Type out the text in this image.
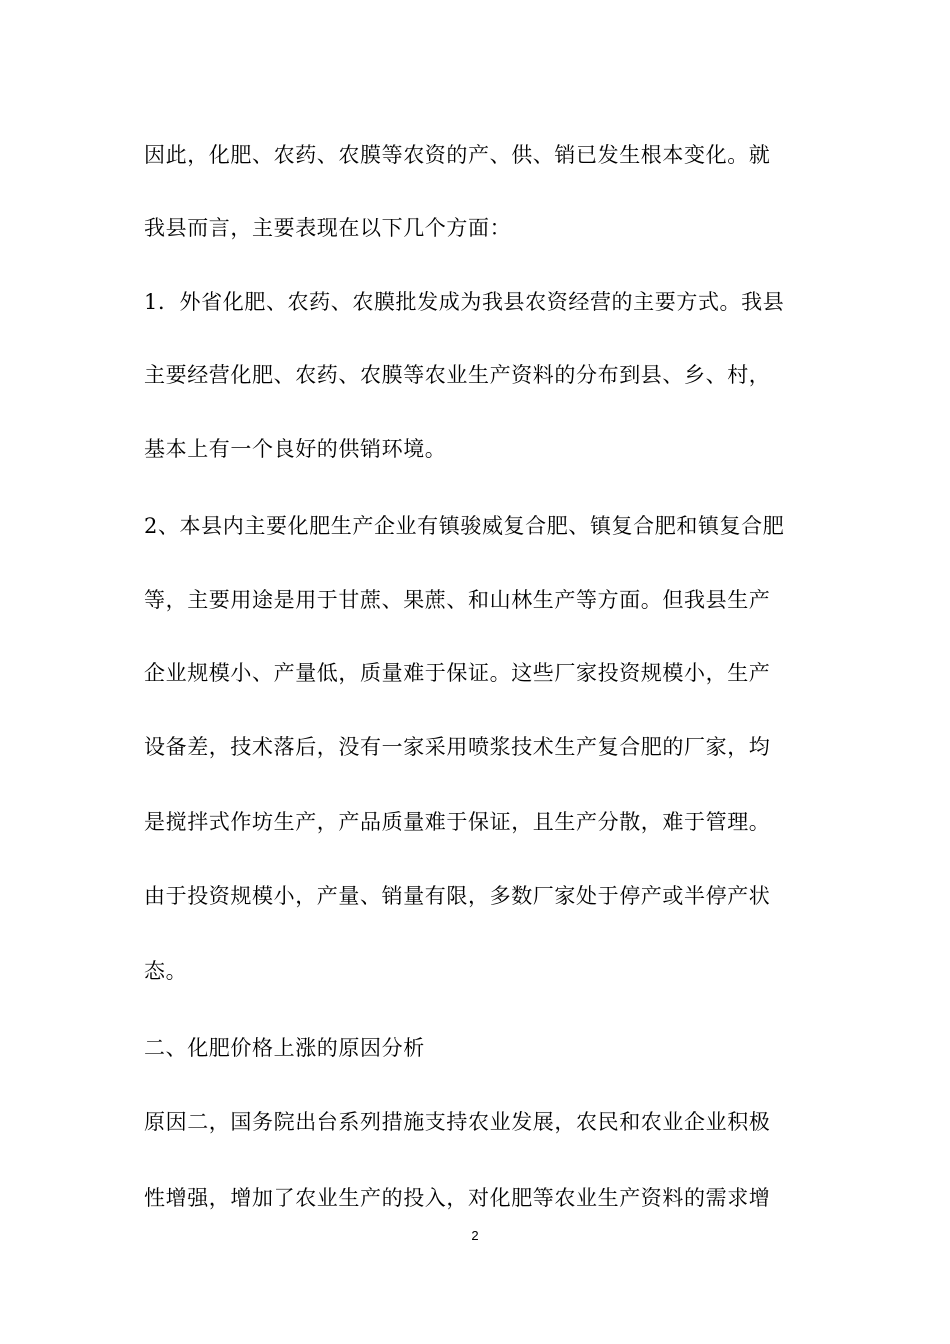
因此，化肥、农药、农膜等农资的产、供、销已发生根本变化。就
我县而言，主要表现在以下几个方面：
1．外省化肥、农药、农膜批发成为我县农资经营的主要方式。我县
主要经营化肥、农药、农膜等农业生产资料的分布到县、乡、村，
基本上有一个良好的供销环境。
2、本县内主要化肥生产企业有镇骏威复合肥、镇复合肥和镇复合肥
等，主要用途是用于甘蔗、果蔗、和山林生产等方面。但我县生产
企业规模小、产量低，质量难于保证。这些厂家投资规模小，生产
设备差，技术落后，没有一家采用喷浆技术生产复合肥的厂家，均
是搅拌式作坊生产，产品质量难于保证，且生产分散，难于管理。
由于投资规模小，产量、销量有限，多数厂家处于停产或半停产状
态。
二、化肥价格上涨的原因分析
原因二，国务院出台系列措施支持农业发展，农民和农业企业积极
性增强，增加了农业生产的投入，对化肥等农业生产资料的需求增
2
